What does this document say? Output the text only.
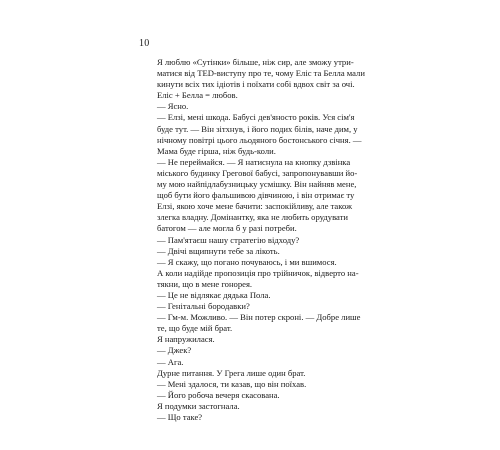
10
Я люблю «Сутінки» більше, ніж сир, але зможу утри-
матися від TED-виступу про те, чому Еліс та Белла мали
кинути всіх тих ідіотів і поїхати собі вдвох світ за очі.
Еліс + Белла = любов.
— Ясно.
— Елзі, мені шкода. Бабусі дев'яносто років. Уся сім'я
буде тут. — Він зітхнув, і його подих білів, наче дим, у
нічному повітрі цього льодяного бостонського січня. —
Мама буде гірша, ніж будь-коли.
— Не переймайся. — Я натиснула на кнопку дзвінка
міського будинку Грегової бабусі, запропонувавши йо-
му мою найпідлабузницьку усмішку. Він найняв мене,
щоб бути його фальшивою дівчиною, і він отримає ту
Елзі, якою хоче мене бачити: заспокійливу, але також
злегка владну. Домінантку, яка не любить орудувати
батогом — але могла б у разі потреби.
— Пам'ятаєш нашу стратегію відходу?
— Двічі вщипнути тебе за лікоть.
— Я скажу, що погано почуваюсь, і ми вшимося.
А коли надійде пропозиція про трійничок, відверто на-
тякни, що в мене гонорея.
— Це не відлякає дядька Пола.
— Генітальні бородавки?
— Гм-м. Можливо. — Він потер скроні. — Добре лише
те, що буде мій брат.
Я напружилася.
— Джек?
— Ага.
Дурне питання. У Грега лише один брат.
— Мені здалося, ти казав, що він поїхав.
— Його робоча вечеря скасована.
Я подумки застогнала.
— Що таке?
